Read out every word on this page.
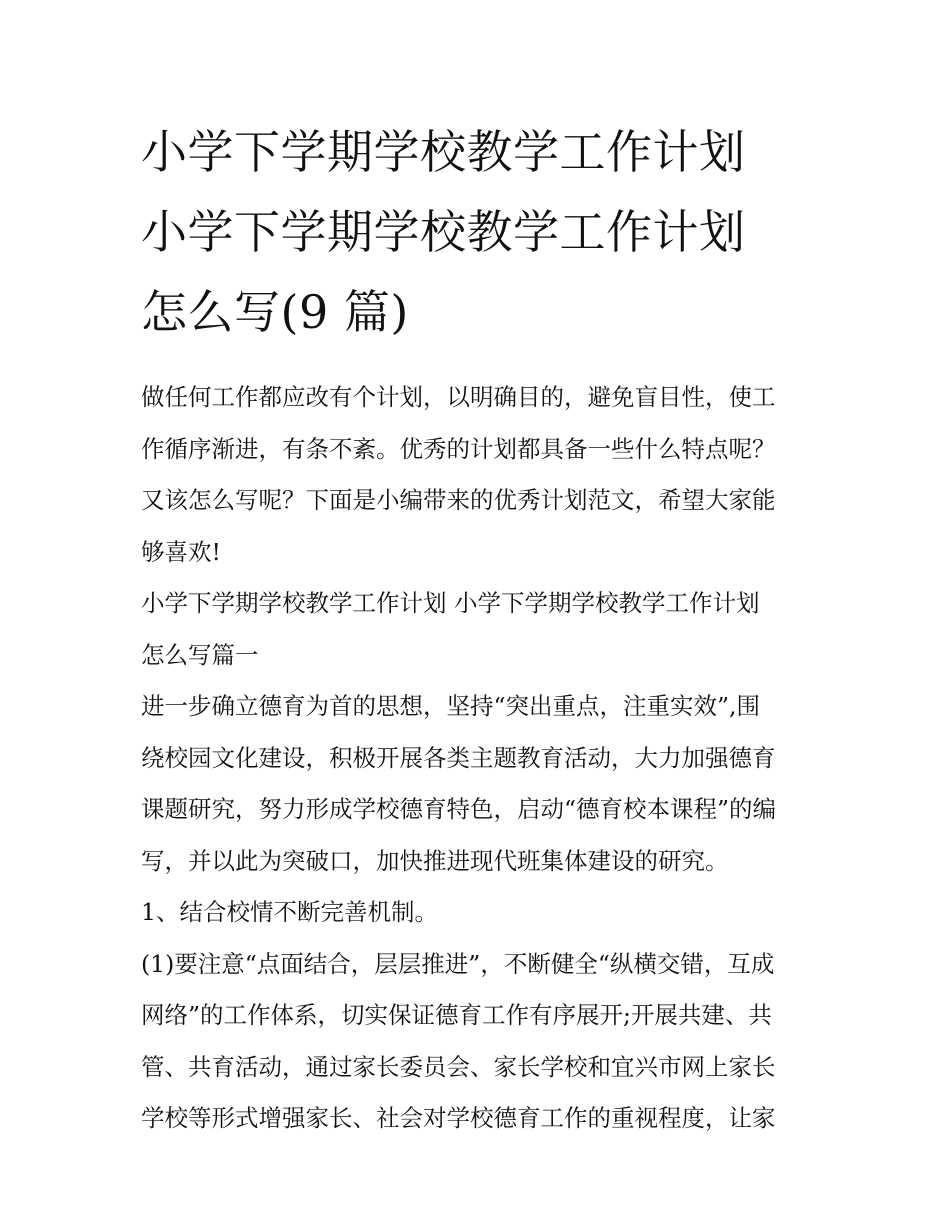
小学下学期学校教学工作计划
小学下学期学校教学工作计划
怎么写(9 篇)

做任何工作都应改有个计划，以明确目的，避免盲目性，使工
作循序渐进，有条不紊。优秀的计划都具备一些什么特点呢？
又该怎么写呢？下面是小编带来的优秀计划范文，希望大家能
够喜欢!

小学下学期学校教学工作计划 小学下学期学校教学工作计划
怎么写篇一

进一步确立德育为首的思想，坚持“突出重点，注重实效”,围
绕校园文化建设，积极开展各类主题教育活动，大力加强德育
课题研究，努力形成学校德育特色，启动“德育校本课程”的编
写，并以此为突破口，加快推进现代班集体建设的研究。

1、结合校情不断完善机制。

(1)要注意“点面结合，层层推进”，不断健全“纵横交错，互成
网络”的工作体系，切实保证德育工作有序展开;开展共建、共
管、共育活动，通过家长委员会、家长学校和宜兴市网上家长
学校等形式增强家长、社会对学校德育工作的重视程度，让家
